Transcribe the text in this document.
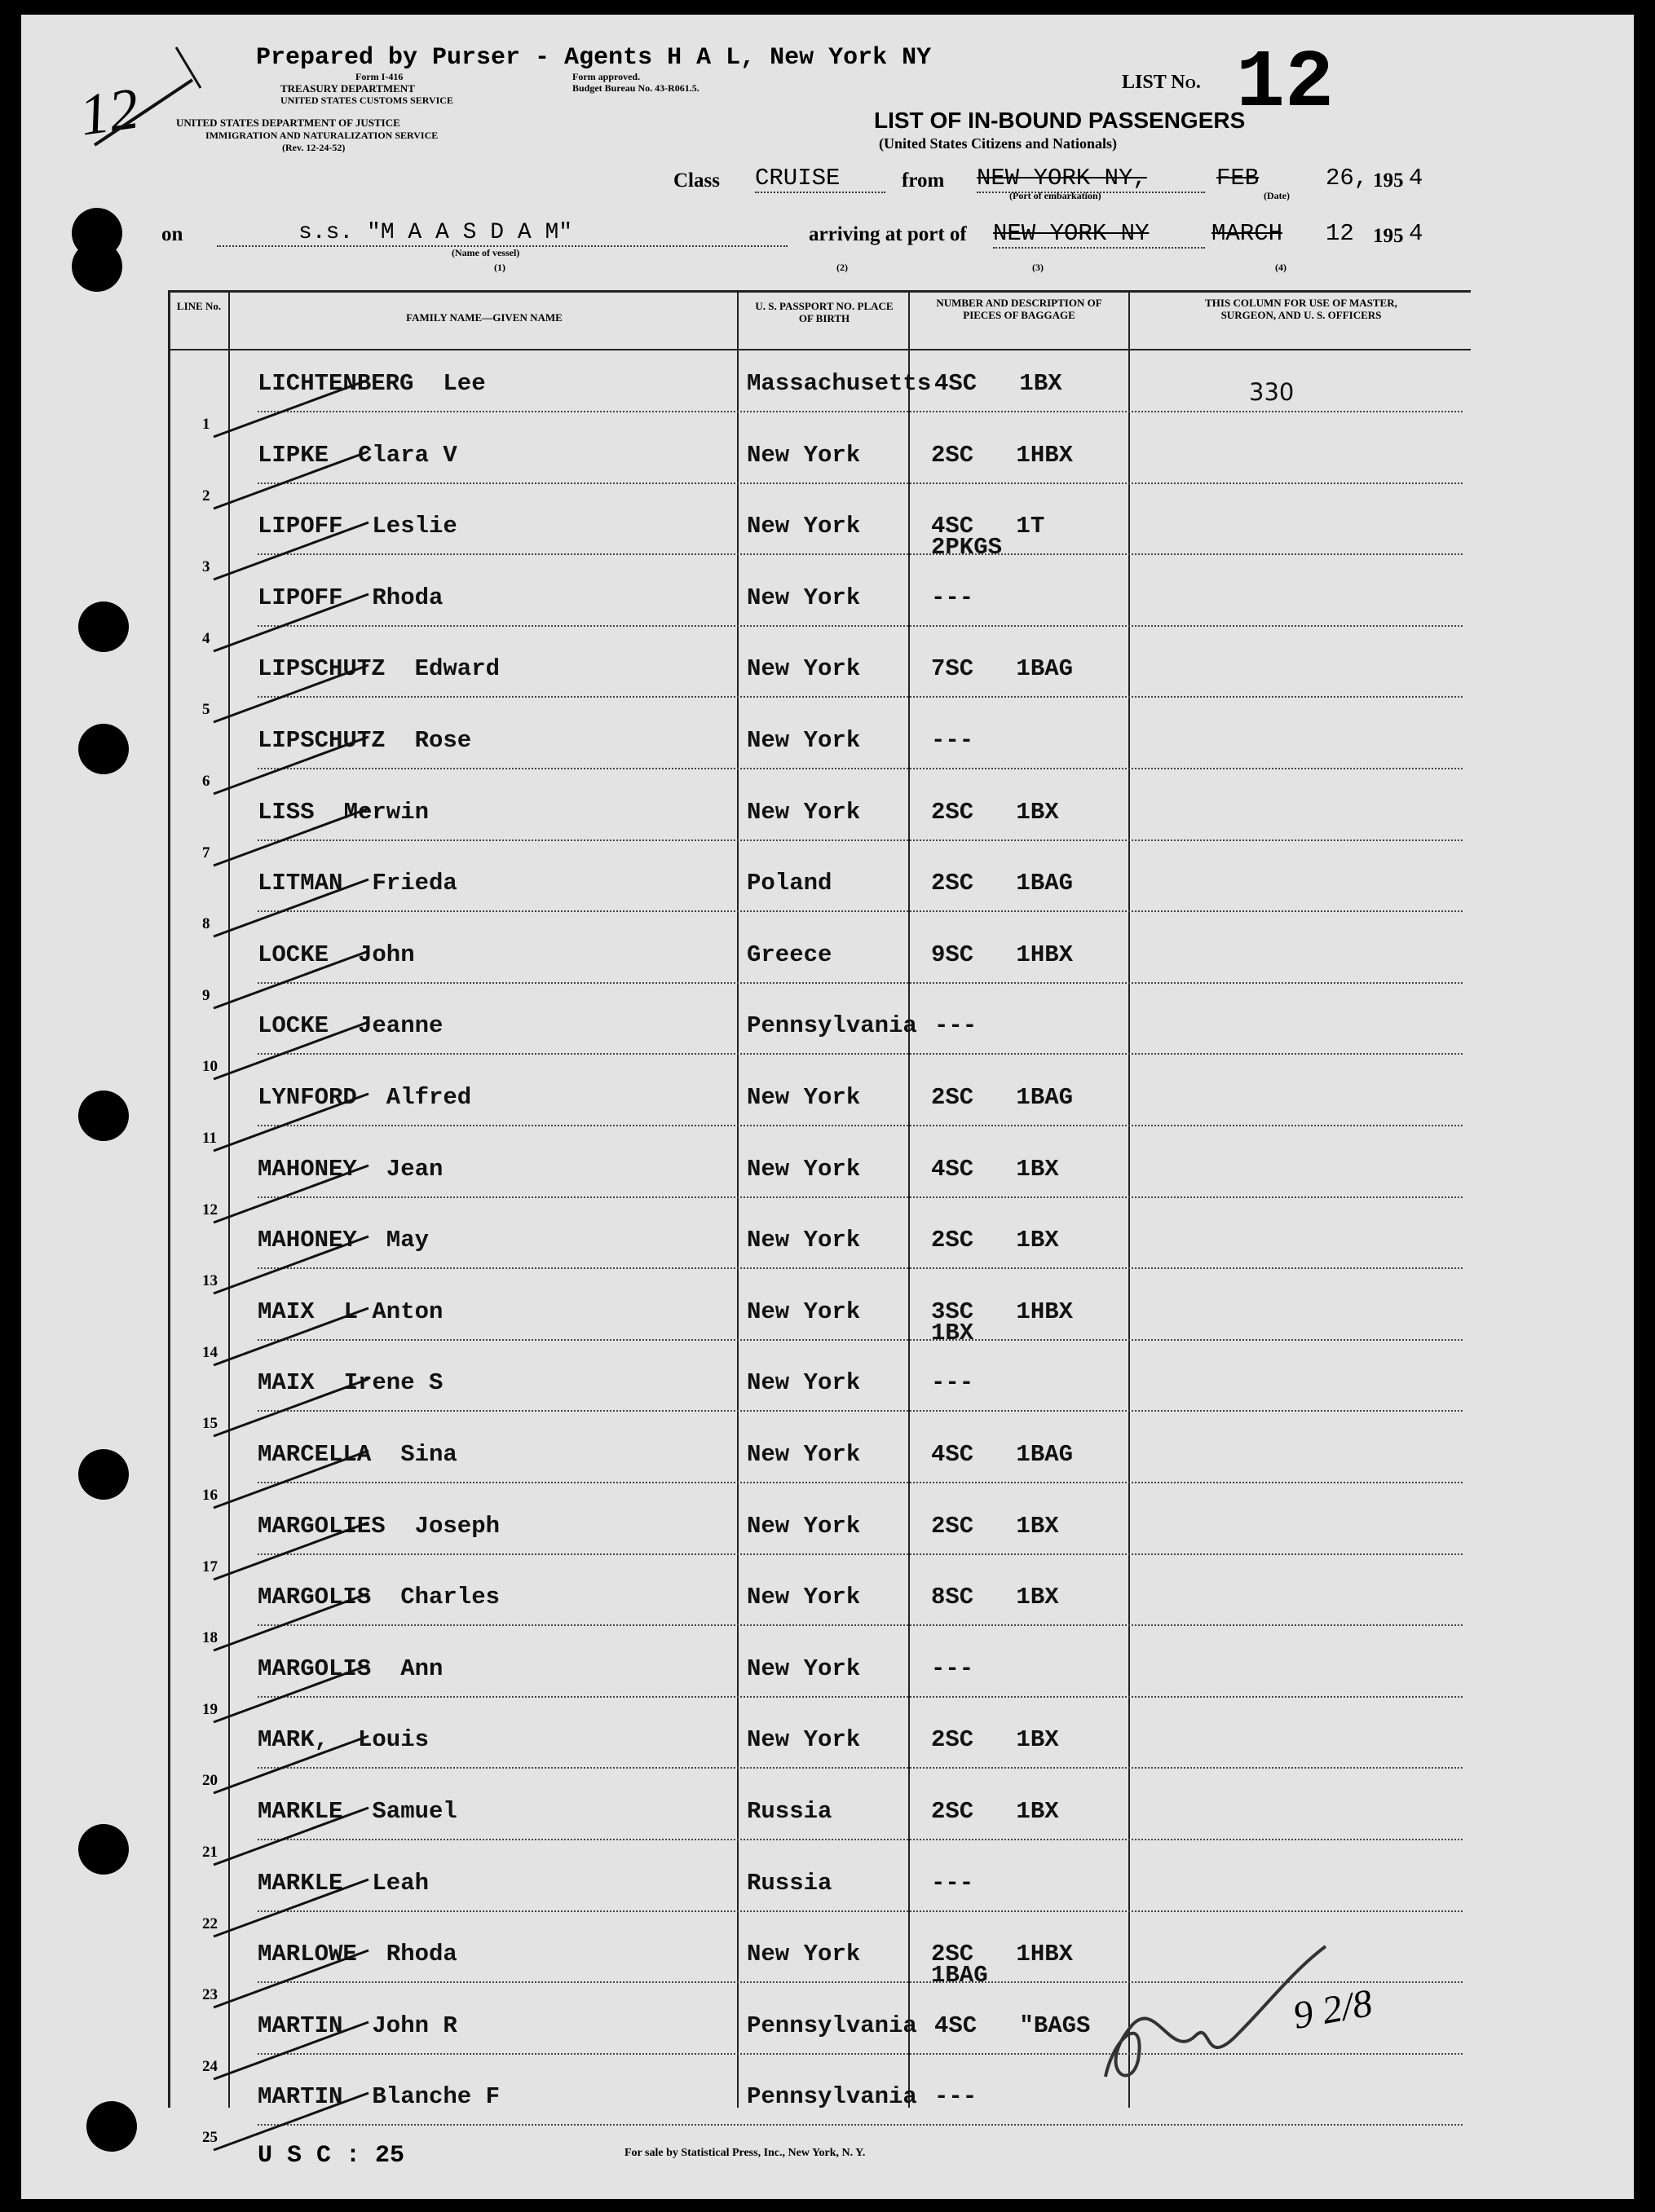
12
Prepared by Purser - Agents H A L, New York NY
Form I-416
TREASURY DEPARTMENT
UNITED STATES CUSTOMS SERVICE
UNITED STATES DEPARTMENT OF JUSTICE
IMMIGRATION AND NATURALIZATION SERVICE
(Rev. 12-24-52)
Form approved.
Budget Bureau No. 43-R061.5.	LIST No. 12
LIST OF IN-BOUND PASSENGERS
(United States Citizens and Nationals)
Class CRUISE	from NEW YORK NY,
(Port of embarkation)
FEB	26, 195 4
(Date)
on	s.s. "M A A S D A M"
(Name of vessel)
(1)
arriving at port of NEW YORK NY	MARCH 12 195 4
(2)	(3)	(4)
LINE No.
FAMILY NAME—GIVEN NAME
U. S. PASSPORT NO. PLACE OF BIRTH
NUMBER AND DESCRIPTION OF PIECES OF BAGGAGE
THIS COLUMN FOR USE OF MASTER, SURGEON, AND U. S. OFFICERS
1
LICHTENBERG Lee	Massachusetts 4SC   1BX	330
2
LIPKE Clara V	New York	2SC   1HBX
3
LIPOFF Leslie	New York	4SC   1T
2PKGS
4
LIPOFF Rhoda	New York	---
5
LIPSCHUTZ Edward	New York	7SC   1BAG
6
LIPSCHUTZ Rose	New York	---
7
LISS Merwin	New York	2SC   1BX
8
LITMAN Frieda	Poland	2SC   1BAG
9
LOCKE John	Greece	9SC   1HBX
10
LOCKE Jeanne	Pennsylvania ---
11
LYNFORD Alfred	New York	2SC   1BAG
12
MAHONEY Jean	New York	4SC   1BX
13
MAHONEY May	New York	2SC   1BX
14
MAIX L Anton	New York	3SC   1HBX
1BX
15
MAIX Irene S	New York	---
16
MARCELLA Sina	New York	4SC   1BAG
17
MARGOLIES Joseph	New York	2SC   1BX
18
MARGOLIS Charles	New York	8SC   1BX
19
MARGOLIS Ann	New York	---
20
MARK, Louis	New York	2SC   1BX
21
MARKLE Samuel	Russia	2SC   1BX
22
MARKLE Leah	Russia	---
23
MARLOWE Rhoda	New York	2SC   1HBX
1BAG
24
MARTIN John R	Pennsylvania 4SC   "BAGS
25
MARTIN Blanche F	Pennsylvania ---
9 2/8
U S C : 25	For sale by Statistical Press, Inc., New York, N. Y.
